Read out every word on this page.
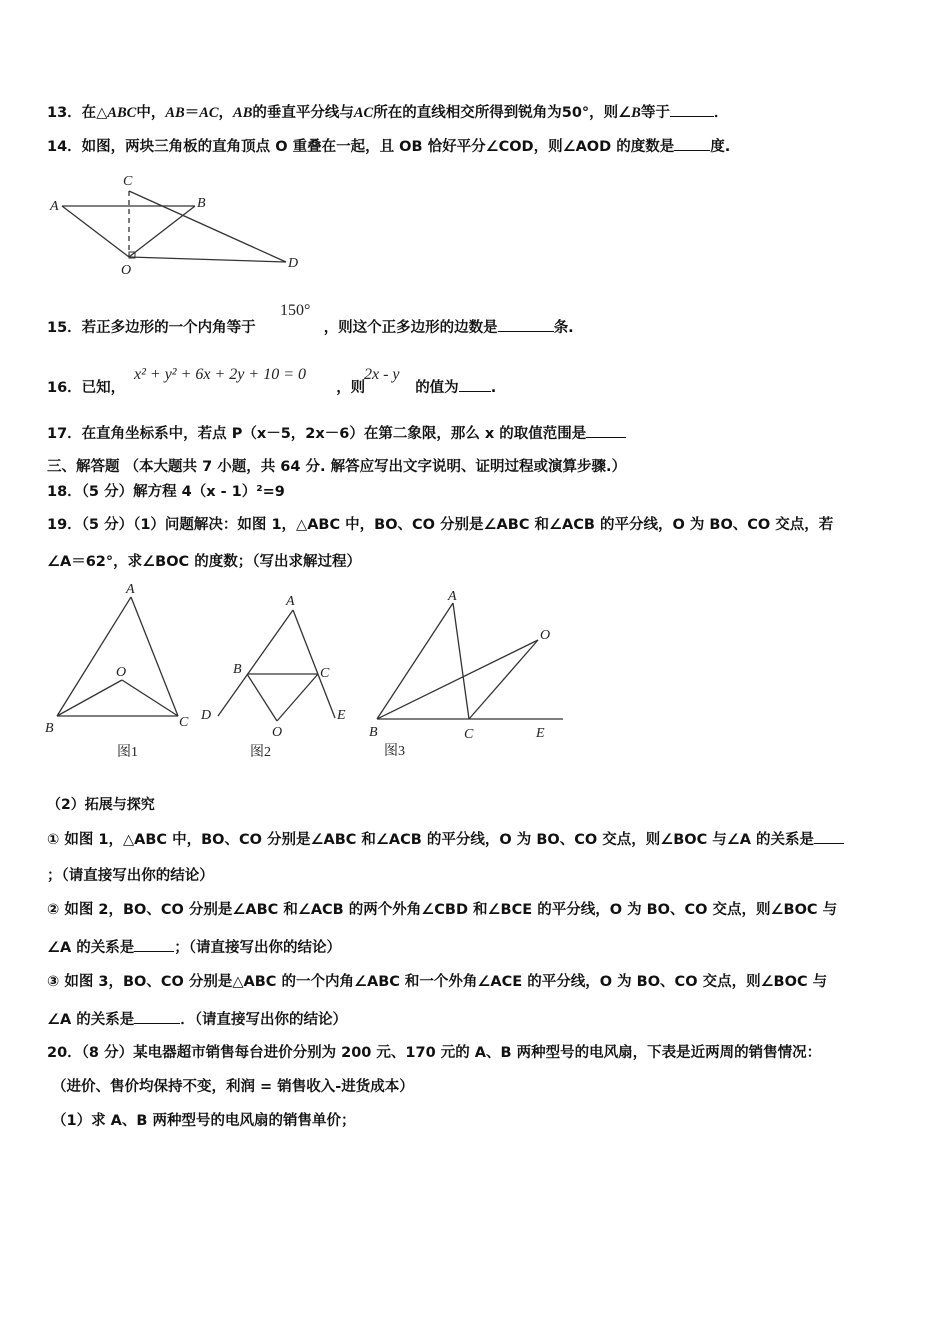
13．在△ABC中，AB＝AC，AB的垂直平分线与AC所在的直线相交所得到锐角为50°，则∠B等于	．
14．如图，两块三角板的直角顶点 O 重叠在一起，且 OB 恰好平分∠COD，则∠AOD 的度数是 度.
A
C
B
O	D
15．若正多边形的一个内角等于	，则这个正多边形的边数是	条.
150°
16．已知，	，则	的值为 .
x² + y² + 6x + 2y + 10 = 0	2x - y
17．在直角坐标系中，若点 P（x－5，2x－6）在第二象限，那么 x 的取值范围是
三、解答题 （本大题共 7 小题，共 64 分. 解答应写出文字说明、证明过程或演算步骤.）
18．（5 分）解方程 4（x - 1）²=9
19．（5 分）（1）问题解决：如图 1，△ABC 中，BO、CO 分别是∠ABC 和∠ACB 的平分线，O 为 BO、CO 交点，若
∠A＝62°，求∠BOC 的度数；（写出求解过程）
A
O
B	C
图1
A
B	C
D	E
O
图2
A
O
B	C	E
图3
（2）拓展与探究
① 如图 1，△ABC 中，BO、CO 分别是∠ABC 和∠ACB 的平分线，O 为 BO、CO 交点，则∠BOC 与∠A 的关系是
；（请直接写出你的结论）
② 如图 2，BO、CO 分别是∠ABC 和∠ACB 的两个外角∠CBD 和∠BCE 的平分线，O 为 BO、CO 交点，则∠BOC 与
∠A 的关系是	；（请直接写出你的结论）
③ 如图 3，BO、CO 分别是△ABC 的一个内角∠ABC 和一个外角∠ACE 的平分线，O 为 BO、CO 交点，则∠BOC 与
∠A 的关系是	．（请直接写出你的结论）
20．（8 分）某电器超市销售每台进价分别为 200 元、170 元的 A、B 两种型号的电风扇，下表是近两周的销售情况：
（进价、售价均保持不变，利润 = 销售收入-进货成本）
（1）求 A、B 两种型号的电风扇的销售单价；
